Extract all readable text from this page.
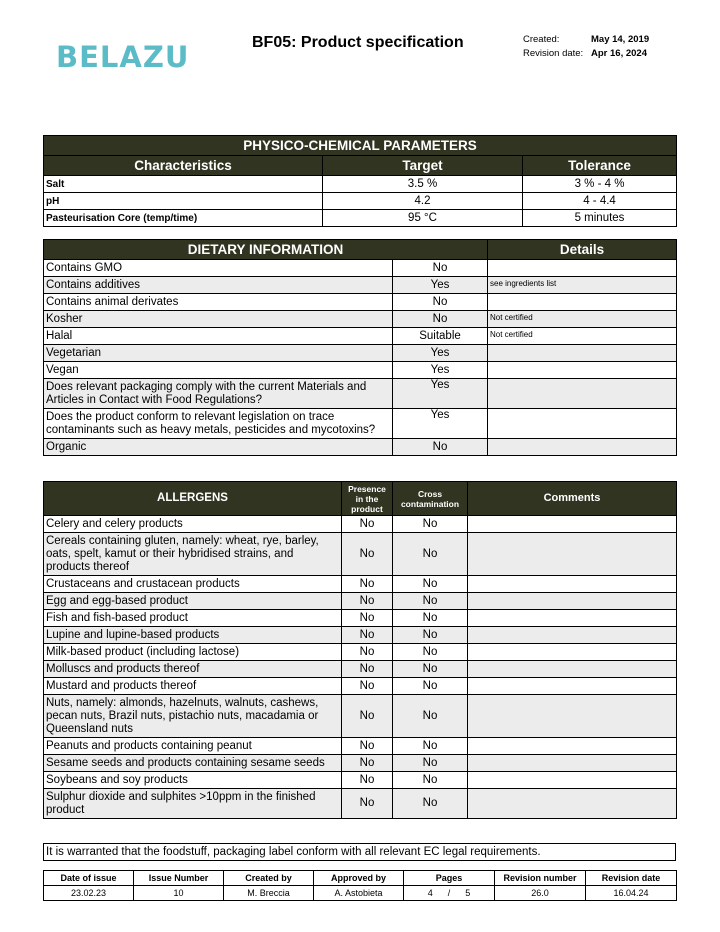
BELAZU	BF05: Product specification	Created:	May 14, 2019
Revision date: Apr 16, 2024
PHYSICO-CHEMICAL PARAMETERS		
Characteristics	Target	Tolerance
Salt	3.5 %	3 % - 4 %
pH	4.2	4 - 4.4
Pasteurisation Core (temp/time)	95 °C	5 minutes
DIETARY INFORMATION		Details
Contains GMO	No	
Contains additives	Yes	see ingredients list
Contains animal derivates	No	
Kosher	No	Not certified
Halal	Suitable	Not certified
Vegetarian	Yes	
Vegan	Yes	
Does relevant packaging comply with the current Materials and Articles in Contact with Food Regulations?	Yes	
Does the product conform to relevant legislation on trace contaminants such as heavy metals, pesticides and mycotoxins?	Yes	
Organic	No	
ALLERGENS	Presence in the product	Cross contamination	Comments
Celery and celery products	No	No	
Cereals containing gluten, namely: wheat, rye, barley, oats, spelt, kamut or their hybridised strains, and products thereof	No	No	
Crustaceans and crustacean products	No	No	
Egg and egg-based product	No	No	
Fish and fish-based product	No	No	
Lupine and lupine-based products	No	No	
Milk-based product (including lactose)	No	No	
Molluscs and products thereof	No	No	
Mustard and products thereof	No	No	
Nuts, namely: almonds, hazelnuts, walnuts, cashews, pecan nuts, Brazil nuts, pistachio nuts, macadamia or Queensland nuts	No	No	
Peanuts and products containing peanut	No	No	
Sesame seeds and products containing sesame seeds	No	No	
Soybeans and soy products	No	No	
Sulphur dioxide and sulphites >10ppm in the finished product	No	No	
It is warranted that the foodstuff, packaging label conform with all relevant EC legal requirements.
Date of issue	Issue Number	Created by	Approved by	Pages	Revision number	Revision date
23.02.23	10	M. Breccia	A. Astobieta	4      /      5	26.0	16.04.24
